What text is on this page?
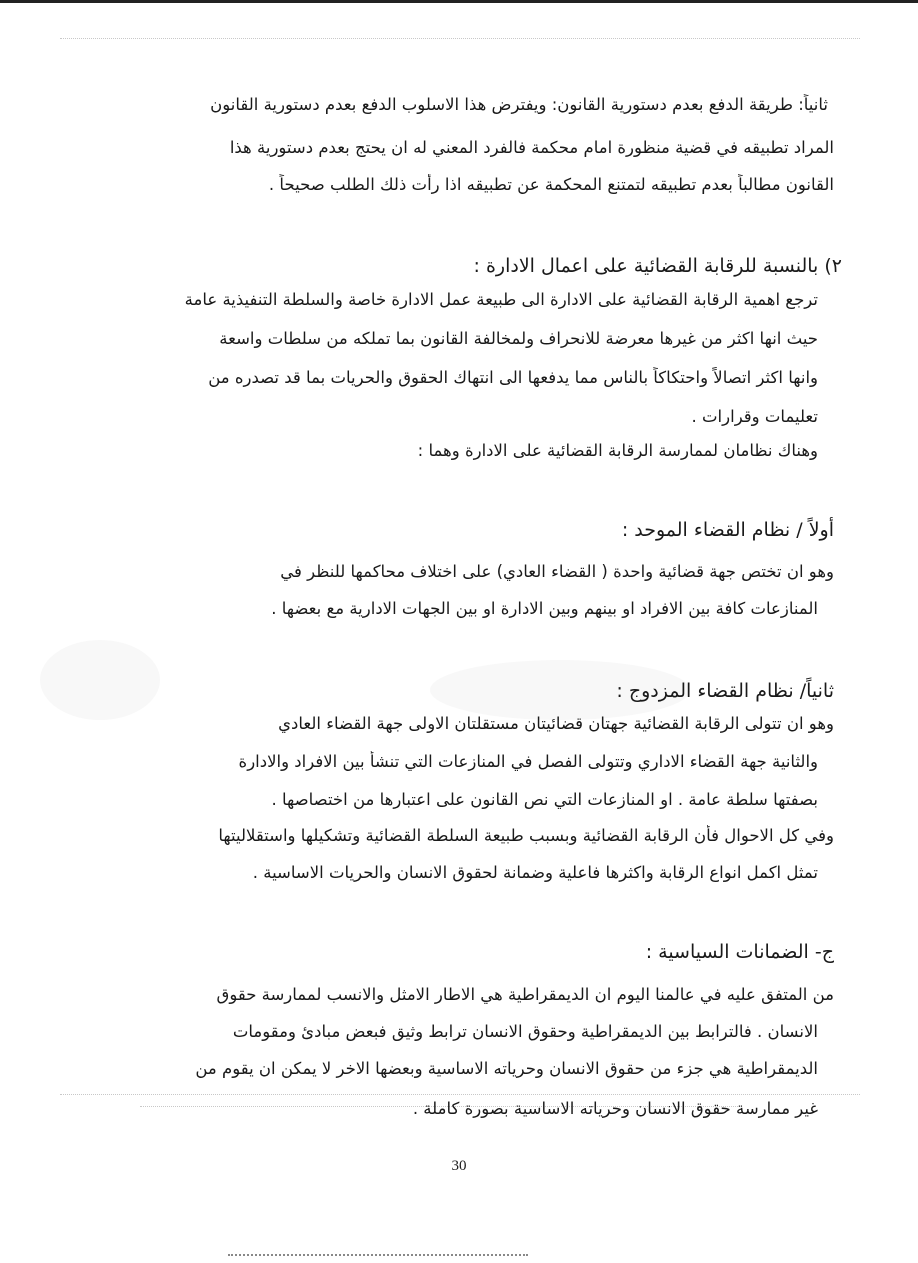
ثانياً: طريقة الدفع بعدم دستورية القانون: ويفترض هذا الاسلوب الدفع بعدم دستورية القانون
المراد تطبيقه في قضية منظورة امام محكمة فالفرد المعني له ان يحتج بعدم دستورية هذا
القانون مطالباً بعدم تطبيقه لتمتنع المحكمة عن تطبيقه اذا رأت ذلك الطلب صحيحاً .
٢) بالنسبة للرقابة القضائية على اعمال الادارة :
ترجع اهمية الرقابة القضائية على الادارة الى طبيعة عمل الادارة خاصة والسلطة التنفيذية عامة
حيث انها اكثر من غيرها معرضة للانحراف ولمخالفة القانون بما تملكه من سلطات واسعة
وانها اكثر اتصالاً واحتكاكاً بالناس مما يدفعها الى انتهاك الحقوق والحريات بما قد تصدره من
تعليمات وقرارات .
وهناك نظامان لممارسة الرقابة القضائية على الادارة وهما :
أولاً / نظام القضاء الموحد :
وهو ان تختص جهة قضائية واحدة ( القضاء العادي) على اختلاف محاكمها للنظر في
المنازعات كافة بين الافراد او بينهم وبين الادارة او بين الجهات الادارية مع بعضها .
ثانياً/ نظام القضاء المزدوج :
وهو ان تتولى الرقابة القضائية جهتان قضائيتان مستقلتان الاولى جهة القضاء العادي
والثانية جهة القضاء الاداري وتتولى الفصل في المنازعات التي تنشأ بين الافراد والادارة
بصفتها سلطة عامة . او المنازعات التي نص القانون على اعتبارها من اختصاصها .
وفي كل الاحوال فأن الرقابة القضائية وبسبب طبيعة السلطة القضائية وتشكيلها واستقلاليتها
تمثل اكمل انواع الرقابة واكثرها فاعلية وضمانة لحقوق الانسان والحريات الاساسية .
ج- الضمانات السياسية :
من المتفق عليه في عالمنا اليوم ان الديمقراطية هي الاطار الامثل والانسب لممارسة حقوق
الانسان . فالترابط بين الديمقراطية وحقوق الانسان ترابط وثيق فبعض مبادئ ومقومات
الديمقراطية هي جزء من حقوق الانسان وحرياته الاساسية وبعضها الاخر لا يمكن ان يقوم من
غير ممارسة حقوق الانسان وحرياته الاساسية بصورة كاملة .
30
